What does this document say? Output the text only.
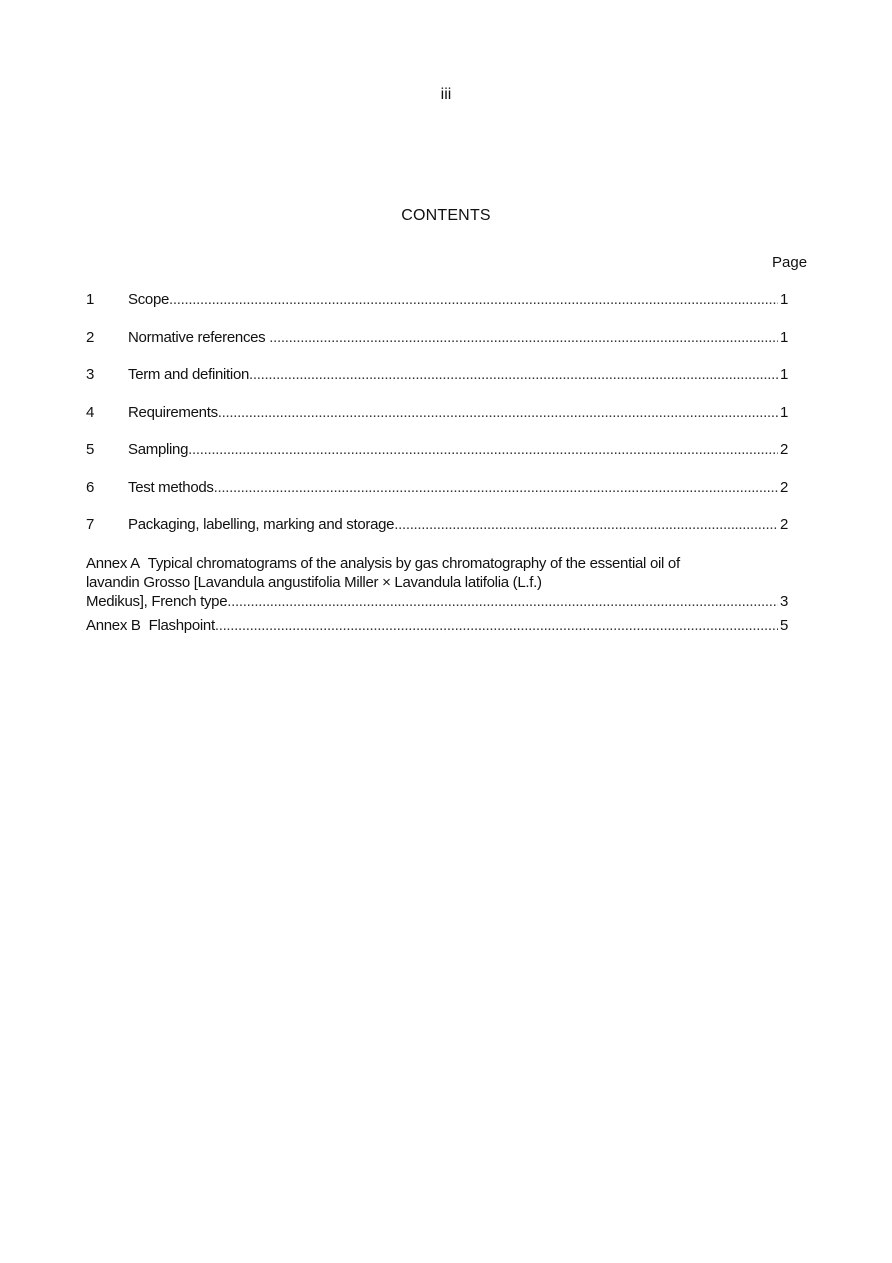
iii
CONTENTS
Page
1	Scope .....	1
2	Normative references .....	1
3	Term and definition .....	1
4	Requirements .....	1
5	Sampling .....	2
6	Test methods .....	2
7	Packaging, labelling, marking and storage .....	2
Annex A Typical chromatograms of the analysis by gas chromatography of the essential oil of
lavandin Grosso [Lavandula angustifolia Miller × Lavandula latifolia (L.f.)
Medikus], French type .....	3
Annex B Flashpoint .....	5
